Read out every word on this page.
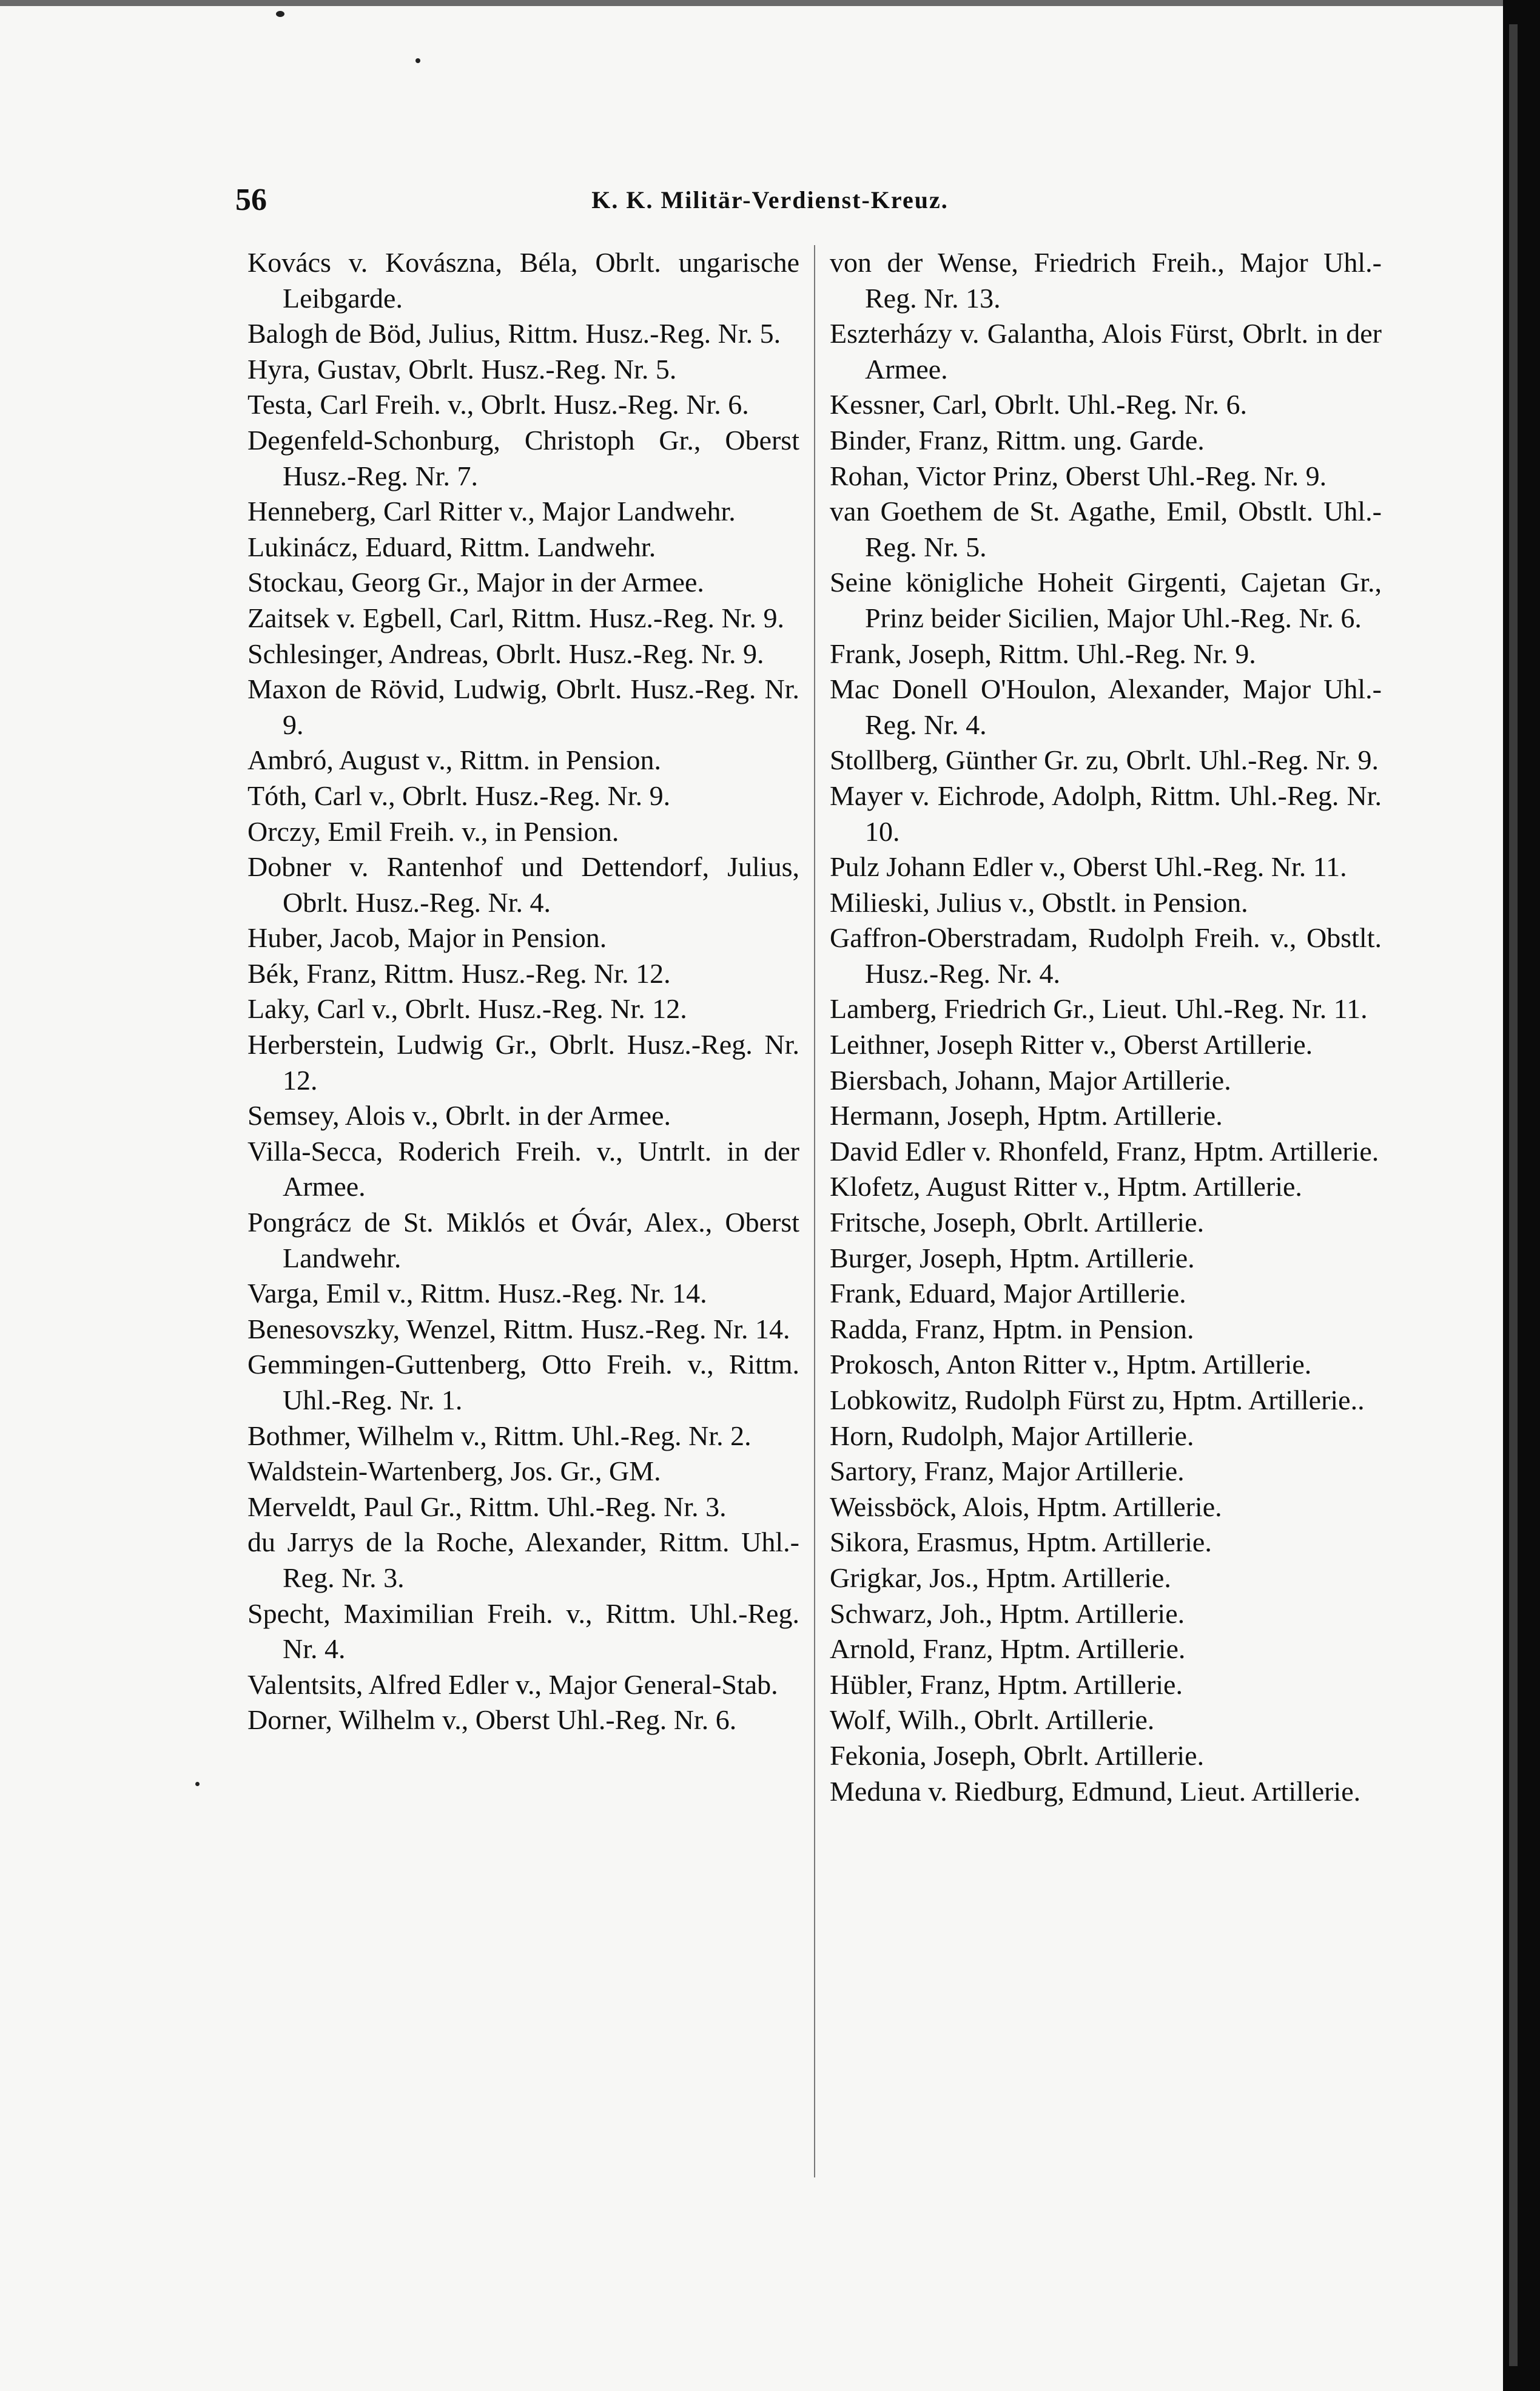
56	K. K. Militär-Verdienst-Kreuz.
Kovács v. Kovászna, Béla, Obrlt. ungarische Leibgarde.
Balogh de Böd, Julius, Rittm. Husz.-Reg. Nr. 5.
Hyra, Gustav, Obrlt. Husz.-Reg. Nr. 5.
Testa, Carl Freih. v., Obrlt. Husz.-Reg. Nr. 6.
Degenfeld-Schonburg, Christoph Gr., Oberst Husz.-Reg. Nr. 7.
Henneberg, Carl Ritter v., Major Landwehr.
Lukinácz, Eduard, Rittm. Landwehr.
Stockau, Georg Gr., Major in der Armee.
Zaitsek v. Egbell, Carl, Rittm. Husz.-Reg. Nr. 9.
Schlesinger, Andreas, Obrlt. Husz.-Reg. Nr. 9.
Maxon de Rövid, Ludwig, Obrlt. Husz.-Reg. Nr. 9.
Ambró, August v., Rittm. in Pension.
Tóth, Carl v., Obrlt. Husz.-Reg. Nr. 9.
Orczy, Emil Freih. v., in Pension.
Dobner v. Rantenhof und Dettendorf, Julius, Obrlt. Husz.-Reg. Nr. 4.
Huber, Jacob, Major in Pension.
Bék, Franz, Rittm. Husz.-Reg. Nr. 12.
Laky, Carl v., Obrlt. Husz.-Reg. Nr. 12.
Herberstein, Ludwig Gr., Obrlt. Husz.-Reg. Nr. 12.
Semsey, Alois v., Obrlt. in der Armee.
Villa-Secca, Roderich Freih. v., Untrlt. in der Armee.
Pongrácz de St. Miklós et Óvár, Alex., Oberst Landwehr.
Varga, Emil v., Rittm. Husz.-Reg. Nr. 14.
Benesovszky, Wenzel, Rittm. Husz.-Reg. Nr. 14.
Gemmingen-Guttenberg, Otto Freih. v., Rittm. Uhl.-Reg. Nr. 1.
Bothmer, Wilhelm v., Rittm. Uhl.-Reg. Nr. 2.
Waldstein-Wartenberg, Jos. Gr., GM.
Merveldt, Paul Gr., Rittm. Uhl.-Reg. Nr. 3.
du Jarrys de la Roche, Alexander, Rittm. Uhl.-Reg. Nr. 3.
Specht, Maximilian Freih. v., Rittm. Uhl.-Reg. Nr. 4.
Valentsits, Alfred Edler v., Major General-Stab.
Dorner, Wilhelm v., Oberst Uhl.-Reg. Nr. 6.
von der Wense, Friedrich Freih., Major Uhl.-Reg. Nr. 13.
Eszterházy v. Galantha, Alois Fürst, Obrlt. in der Armee.
Kessner, Carl, Obrlt. Uhl.-Reg. Nr. 6.
Binder, Franz, Rittm. ung. Garde.
Rohan, Victor Prinz, Oberst Uhl.-Reg. Nr. 9.
van Goethem de St. Agathe, Emil, Obstlt. Uhl.-Reg. Nr. 5.
Seine königliche Hoheit Girgenti, Cajetan Gr., Prinz beider Sicilien, Major Uhl.-Reg. Nr. 6.
Frank, Joseph, Rittm. Uhl.-Reg. Nr. 9.
Mac Donell O'Houlon, Alexander, Major Uhl.-Reg. Nr. 4.
Stollberg, Günther Gr. zu, Obrlt. Uhl.-Reg. Nr. 9.
Mayer v. Eichrode, Adolph, Rittm. Uhl.-Reg. Nr. 10.
Pulz Johann Edler v., Oberst Uhl.-Reg. Nr. 11.
Milieski, Julius v., Obstlt. in Pension.
Gaffron-Oberstradam, Rudolph Freih. v., Obstlt. Husz.-Reg. Nr. 4.
Lamberg, Friedrich Gr., Lieut. Uhl.-Reg. Nr. 11.
Leithner, Joseph Ritter v., Oberst Artillerie.
Biersbach, Johann, Major Artillerie.
Hermann, Joseph, Hptm. Artillerie.
David Edler v. Rhonfeld, Franz, Hptm. Artillerie.
Klofetz, August Ritter v., Hptm. Artillerie.
Fritsche, Joseph, Obrlt. Artillerie.
Burger, Joseph, Hptm. Artillerie.
Frank, Eduard, Major Artillerie.
Radda, Franz, Hptm. in Pension.
Prokosch, Anton Ritter v., Hptm. Artillerie.
Lobkowitz, Rudolph Fürst zu, Hptm. Artillerie..
Horn, Rudolph, Major Artillerie.
Sartory, Franz, Major Artillerie.
Weissböck, Alois, Hptm. Artillerie.
Sikora, Erasmus, Hptm. Artillerie.
Grigkar, Jos., Hptm. Artillerie.
Schwarz, Joh., Hptm. Artillerie.
Arnold, Franz, Hptm. Artillerie.
Hübler, Franz, Hptm. Artillerie.
Wolf, Wilh., Obrlt. Artillerie.
Fekonia, Joseph, Obrlt. Artillerie.
Meduna v. Riedburg, Edmund, Lieut. Artillerie.
